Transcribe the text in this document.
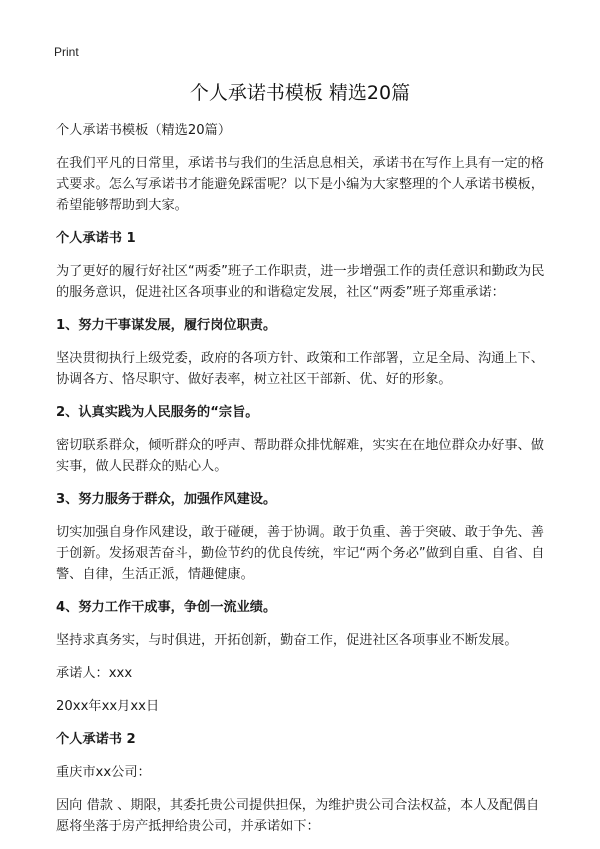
Print
个人承诺书模板 精选20篇

个人承诺书模板（精选20篇）

在我们平凡的日常里，承诺书与我们的生活息息相关，承诺书在写作上具有一定的格式要求。怎么写承诺书才能避免踩雷呢？以下是小编为大家整理的个人承诺书模板，希望能够帮助到大家。

个人承诺书 1

为了更好的履行好社区“两委”班子工作职责，进一步增强工作的责任意识和勤政为民的服务意识，促进社区各项事业的和谐稳定发展，社区“两委”班子郑重承诺：

1、努力干事谋发展，履行岗位职责。

坚决贯彻执行上级党委，政府的各项方针、政策和工作部署，立足全局、沟通上下、协调各方、恪尽职守、做好表率，树立社区干部新、优、好的形象。

2、认真实践为人民服务的“宗旨。

密切联系群众，倾听群众的呼声、帮助群众排忧解难，实实在在地位群众办好事、做实事，做人民群众的贴心人。

3、努力服务于群众，加强作风建设。

切实加强自身作风建设，敢于碰硬，善于协调。敢于负重、善于突破、敢于争先、善于创新。发扬艰苦奋斗，勤俭节约的优良传统，牢记“两个务必”做到自重、自省、自警、自律，生活正派，情趣健康。

4、努力工作干成事，争创一流业绩。

坚持求真务实，与时俱进，开拓创新，勤奋工作，促进社区各项事业不断发展。

承诺人：xxx

20xx年xx月xx日

个人承诺书 2

重庆市xx公司：

因向 借款 、期限，其委托贵公司提供担保，为维护贵公司合法权益，本人及配偶自愿将坐落于房产抵押给贵公司，并承诺如下：
